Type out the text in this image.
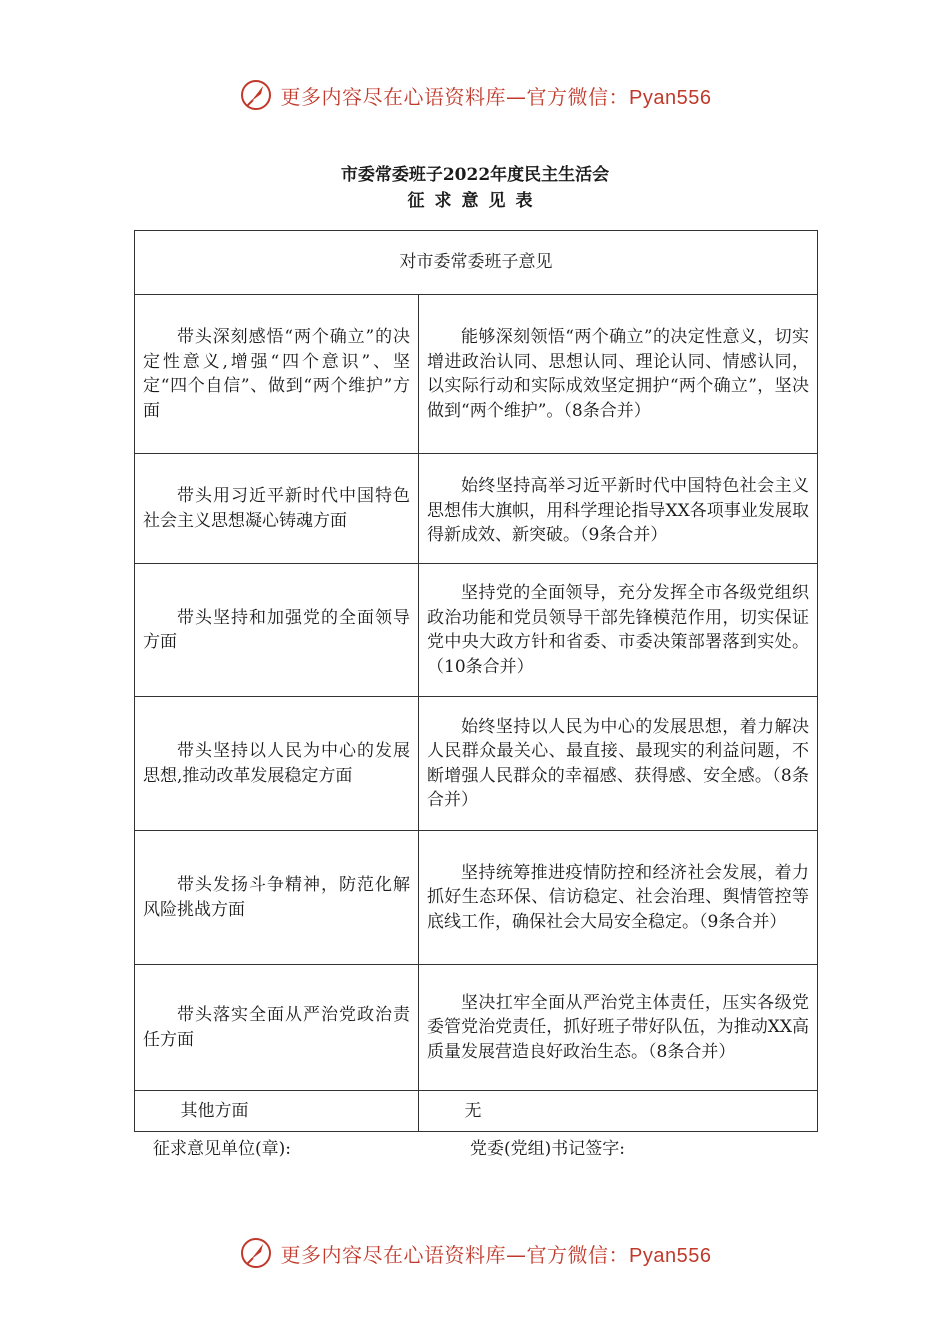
更多内容尽在心语资料库—官方微信：Pyan556
市委常委班子2022年度民主生活会
征求意见表
对市委常委班子意见	
带头深刻感悟“两个确立”的决定性意义,增强“四个意识”、坚定“四个自信”、做到“两个维护”方面	能够深刻领悟“两个确立”的决定性意义，切实增进政治认同、思想认同、理论认同、情感认同，以实际行动和实际成效坚定拥护“两个确立”，坚决做到“两个维护”。（8条合并）
带头用习近平新时代中国特色社会主义思想凝心铸魂方面	始终坚持高举习近平新时代中国特色社会主义思想伟大旗帜，用科学理论指导XX各项事业发展取得新成效、新突破。（9条合并）
带头坚持和加强党的全面领导方面	坚持党的全面领导，充分发挥全市各级党组织政治功能和党员领导干部先锋模范作用，切实保证党中央大政方针和省委、市委决策部署落到实处。（10条合并）
带头坚持以人民为中心的发展思想,推动改革发展稳定方面	始终坚持以人民为中心的发展思想，着力解决人民群众最关心、最直接、最现实的利益问题，不断增强人民群众的幸福感、获得感、安全感。（8条合并）
带头发扬斗争精神，防范化解风险挑战方面	坚持统筹推进疫情防控和经济社会发展，着力抓好生态环保、信访稳定、社会治理、舆情管控等底线工作，确保社会大局安全稳定。（9条合并）
带头落实全面从严治党政治责任方面	坚决扛牢全面从严治党主体责任，压实各级党委管党治党责任，抓好班子带好队伍，为推动XX高质量发展营造良好政治生态。（8条合并）
其他方面	无
征求意见单位(章):	党委(党组)书记签字:
更多内容尽在心语资料库—官方微信：Pyan556
